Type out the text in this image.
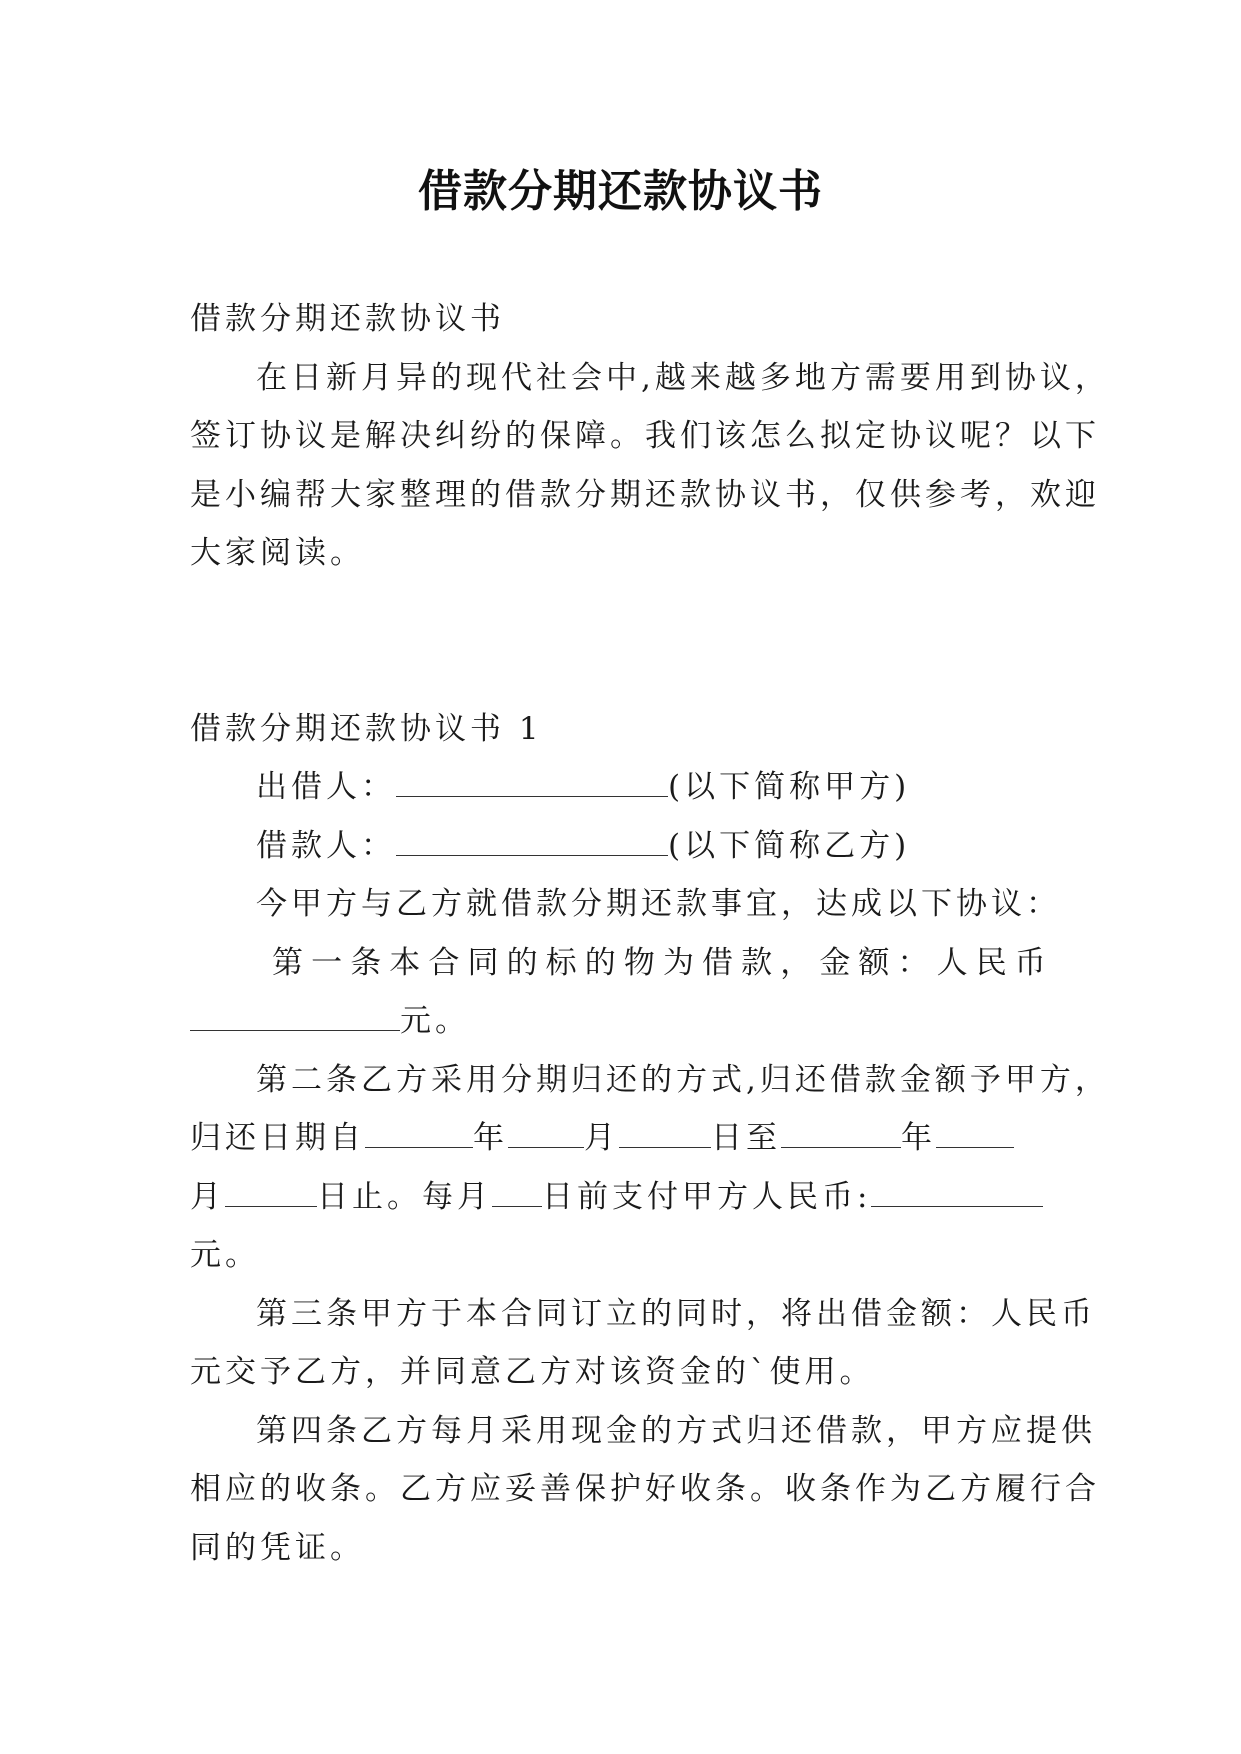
借款分期还款协议书
借款分期还款协议书
在日新月异的现代社会中,越来越多地方需要用到协议，
签订协议是解决纠纷的保障。我们该怎么拟定协议呢？以下
是小编帮大家整理的借款分期还款协议书，仅供参考，欢迎
大家阅读。
借款分期还款协议书 1
出借人：	(以下简称甲方)
借款人：	(以下简称乙方)
今甲方与乙方就借款分期还款事宜，达成以下协议：
第 一 条 本 合 同 的 标 的 物 为 借 款 ， 金 额 ： 人 民 币
元。
第二条乙方采用分期归还的方式,归还借款金额予甲方，
归还日期自	年 月	日至	年
月	日止。每月 日前支付甲方人民币:
元。
第三条甲方于本合同订立的同时，将出借金额：人民币
元交予乙方，并同意乙方对该资金的`使用。
第四条乙方每月采用现金的方式归还借款，甲方应提供
相应的收条。乙方应妥善保护好收条。收条作为乙方履行合
同的凭证。
